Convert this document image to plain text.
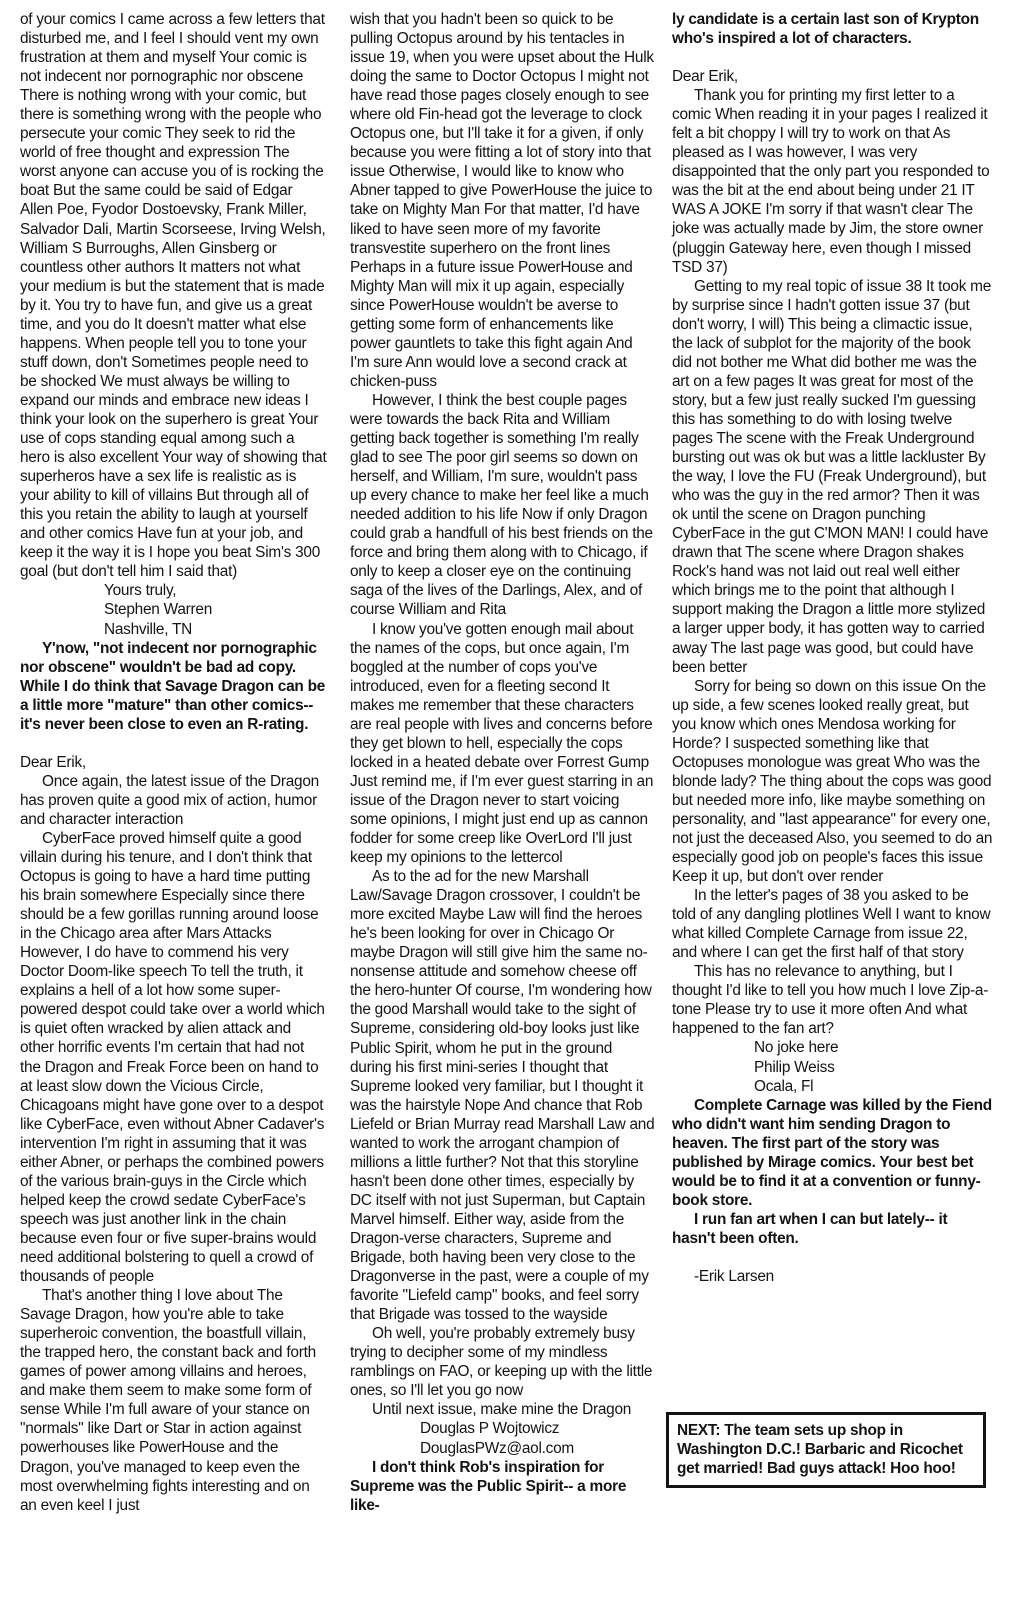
of your comics I came across a few letters that disturbed me, and I feel I should vent my own frustration at them and myself Your comic is not indecent nor pornographic nor obscene There is nothing wrong with your comic, but there is something wrong with the people who persecute your comic They seek to rid the world of free thought and expression The worst anyone can accuse you of is rocking the boat But the same could be said of Edgar Allen Poe, Fyodor Dostoevsky, Frank Miller, Salvador Dali, Martin Scorseese, Irving Welsh, William S Burroughs, Allen Ginsberg or countless other authors It matters not what your medium is but the statement that is made by it. You try to have fun, and give us a great time, and you do It doesn't matter what else happens. When people tell you to tone your stuff down, don't Sometimes people need to be shocked We must always be willing to expand our minds and embrace new ideas I think your look on the superhero is great Your use of cops standing equal among such a hero is also excellent Your way of showing that superheros have a sex life is realistic as is your ability to kill of villains But through all of this you retain the ability to laugh at yourself and other comics Have fun at your job, and keep it the way it is I hope you beat Sim's 300 goal (but don't tell him I said that)

Yours truly,

Stephen Warren

Nashville, TN

Y'now, "not indecent nor pornographic nor obscene" wouldn't be bad ad copy. While I do think that Savage Dragon can be a little more "mature" than other comics-- it's never been close to even an R-rating.

Dear Erik,

Once again, the latest issue of the Dragon has proven quite a good mix of action, humor and character interaction

CyberFace proved himself quite a good villain during his tenure, and I don't think that Octopus is going to have a hard time putting his brain somewhere Especially since there should be a few gorillas running around loose in the Chicago area after Mars Attacks However, I do have to commend his very Doctor Doom-like speech To tell the truth, it explains a hell of a lot how some super-powered despot could take over a world which is quiet often wracked by alien attack and other horrific events I'm certain that had not the Dragon and Freak Force been on hand to at least slow down the Vicious Circle, Chicagoans might have gone over to a despot like CyberFace, even without Abner Cadaver's intervention I'm right in assuming that it was either Abner, or perhaps the combined powers of the various brain-guys in the Circle which helped keep the crowd sedate CyberFace's speech was just another link in the chain because even four or five super-brains would need additional bolstering to quell a crowd of thousands of people

That's another thing I love about The Savage Dragon, how you're able to take superheroic convention, the boastfull villain, the trapped hero, the constant back and forth games of power among villains and heroes, and make them seem to make some form of sense While I'm full aware of your stance on "normals" like Dart or Star in action against powerhouses like PowerHouse and the Dragon, you've managed to keep even the most overwhelming fights interesting and on an even keel I just

wish that you hadn't been so quick to be pulling Octopus around by his tentacles in issue 19, when you were upset about the Hulk doing the same to Doctor Octopus I might not have read those pages closely enough to see where old Fin-head got the leverage to clock Octopus one, but I'll take it for a given, if only because you were fitting a lot of story into that issue Otherwise, I would like to know who Abner tapped to give PowerHouse the juice to take on Mighty Man For that matter, I'd have liked to have seen more of my favorite transvestite superhero on the front lines Perhaps in a future issue PowerHouse and Mighty Man will mix it up again, especially since PowerHouse wouldn't be averse to getting some form of enhancements like power gauntlets to take this fight again And I'm sure Ann would love a second crack at chicken-puss

However, I think the best couple pages were towards the back Rita and William getting back together is something I'm really glad to see The poor girl seems so down on herself, and William, I'm sure, wouldn't pass up every chance to make her feel like a much needed addition to his life Now if only Dragon could grab a handfull of his best friends on the force and bring them along with to Chicago, if only to keep a closer eye on the continuing saga of the lives of the Darlings, Alex, and of course William and Rita

I know you've gotten enough mail about the names of the cops, but once again, I'm boggled at the number of cops you've introduced, even for a fleeting second It makes me remember that these characters are real people with lives and concerns before they get blown to hell, especially the cops locked in a heated debate over Forrest Gump Just remind me, if I'm ever guest starring in an issue of the Dragon never to start voicing some opinions, I might just end up as cannon fodder for some creep like OverLord I'll just keep my opinions to the lettercol

As to the ad for the new Marshall Law/Savage Dragon crossover, I couldn't be more excited Maybe Law will find the heroes he's been looking for over in Chicago Or maybe Dragon will still give him the same no-nonsense attitude and somehow cheese off the hero-hunter Of course, I'm wondering how the good Marshall would take to the sight of Supreme, considering old-boy looks just like Public Spirit, whom he put in the ground during his first mini-series I thought that Supreme looked very familiar, but I thought it was the hairstyle Nope And chance that Rob Liefeld or Brian Murray read Marshall Law and wanted to work the arrogant champion of millions a little further? Not that this storyline hasn't been done other times, especially by DC itself with not just Superman, but Captain Marvel himself. Either way, aside from the Dragon-verse characters, Supreme and Brigade, both having been very close to the Dragonverse in the past, were a couple of my favorite "Liefeld camp" books, and feel sorry that Brigade was tossed to the wayside

Oh well, you're probably extremely busy trying to decipher some of my mindless ramblings on FAO, or keeping up with the little ones, so I'll let you go now

Until next issue, make mine the Dragon

Douglas P Wojtowicz

DouglasPWz@aol.com

I don't think Rob's inspiration for Supreme was the Public Spirit-- a more like-

ly candidate is a certain last son of Krypton who's inspired a lot of characters.

Dear Erik,

Thank you for printing my first letter to a comic When reading it in your pages I realized it felt a bit choppy I will try to work on that As pleased as I was however, I was very disappointed that the only part you responded to was the bit at the end about being under 21 IT WAS A JOKE I'm sorry if that wasn't clear The joke was actually made by Jim, the store owner (pluggin Gateway here, even though I missed TSD 37)

Getting to my real topic of issue 38 It took me by surprise since I hadn't gotten issue 37 (but don't worry, I will) This being a climactic issue, the lack of subplot for the majority of the book did not bother me What did bother me was the art on a few pages It was great for most of the story, but a few just really sucked I'm guessing this has something to do with losing twelve pages The scene with the Freak Underground bursting out was ok but was a little lackluster By the way, I love the FU (Freak Underground), but who was the guy in the red armor? Then it was ok until the scene on Dragon punching CyberFace in the gut C'MON MAN! I could have drawn that The scene where Dragon shakes Rock's hand was not laid out real well either which brings me to the point that although I support making the Dragon a little more stylized a larger upper body, it has gotten way to carried away The last page was good, but could have been better

Sorry for being so down on this issue On the up side, a few scenes looked really great, but you know which ones Mendosa working for Horde? I suspected something like that Octopuses monologue was great Who was the blonde lady? The thing about the cops was good but needed more info, like maybe something on personality, and "last appearance" for every one, not just the deceased Also, you seemed to do an especially good job on people's faces this issue Keep it up, but don't over render

In the letter's pages of 38 you asked to be told of any dangling plotlines Well I want to know what killed Complete Carnage from issue 22, and where I can get the first half of that story

This has no relevance to anything, but I thought I'd like to tell you how much I love Zip-a-tone Please try to use it more often And what happened to the fan art?

No joke here

Philip Weiss

Ocala, Fl

Complete Carnage was killed by the Fiend who didn't want him sending Dragon to heaven. The first part of the story was published by Mirage comics. Your best bet would be to find it at a convention or funny-book store.

I run fan art when I can but lately-- it hasn't been often.

-Erik Larsen

NEXT: The team sets up shop in Washington D.C.! Barbaric and Ricochet get married! Bad guys attack! Hoo hoo!
